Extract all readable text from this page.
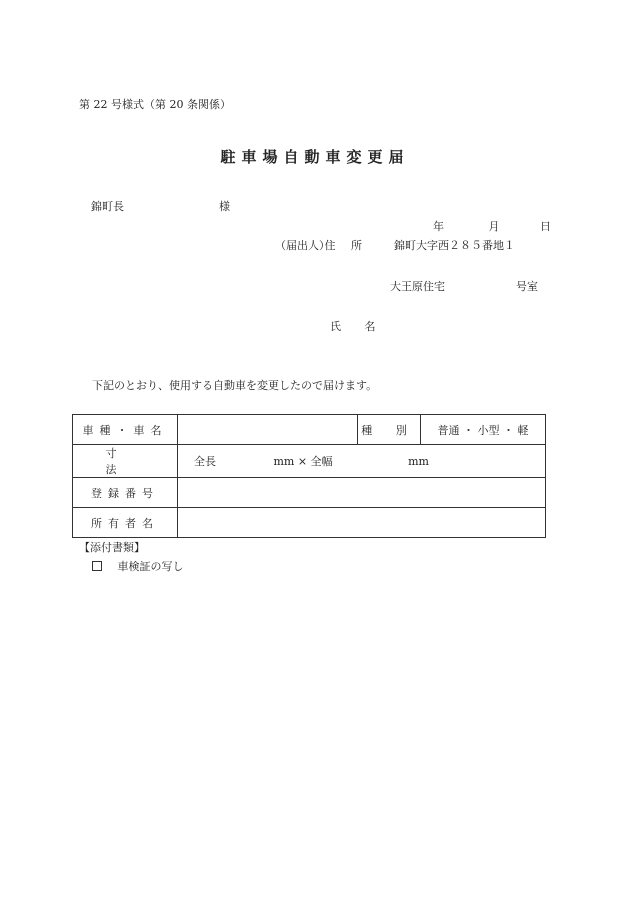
第 22 号様式（第 20 条関係）
駐車場自動車変更届
錦町長	様
年	月	日
（届出人） 住 所 錦町大字西２８５番地１
大王原住宅	号室
氏 名
下記のとおり、使用する自動車を変更したので届けます。
車種・車名		種 別	普通 ・ 小型 ・ 軽
寸 法	全長 mm × 全幅 mm		
登録番号			
所有者名			
【添付書類】
車検証の写し
